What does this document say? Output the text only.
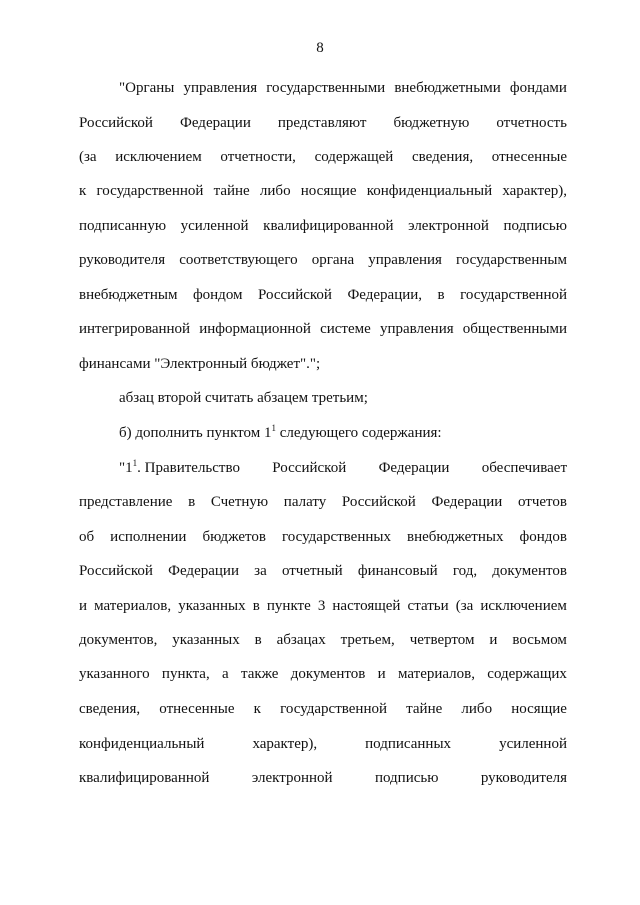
8
"Органы управления государственными внебюджетными фондами
Российской Федерации представляют бюджетную отчетность
(за исключением отчетности, содержащей сведения, отнесенные
к государственной тайне либо носящие конфиденциальный характер),
подписанную усиленной квалифицированной электронной подписью
руководителя соответствующего органа управления государственным
внебюджетным фондом Российской Федерации, в государственной
интегрированной информационной системе управления общественными
финансами "Электронный бюджет".";
абзац второй считать абзацем третьим;
б) дополнить пунктом $1^1$ следующего содержания:
"$1^1$. Правительство Российской Федерации обеспечивает
представление в Счетную палату Российской Федерации отчетов
об исполнении бюджетов государственных внебюджетных фондов
Российской Федерации за отчетный финансовый год, документов
и материалов, указанных в пункте 3 настоящей статьи (за исключением
документов, указанных в абзацах третьем, четвертом и восьмом
указанного пункта, а также документов и материалов, содержащих
сведения, отнесенные к государственной тайне либо носящие
конфиденциальный	характер),	подписанных	усиленной
квалифицированной	электронной	подписью	руководителя
